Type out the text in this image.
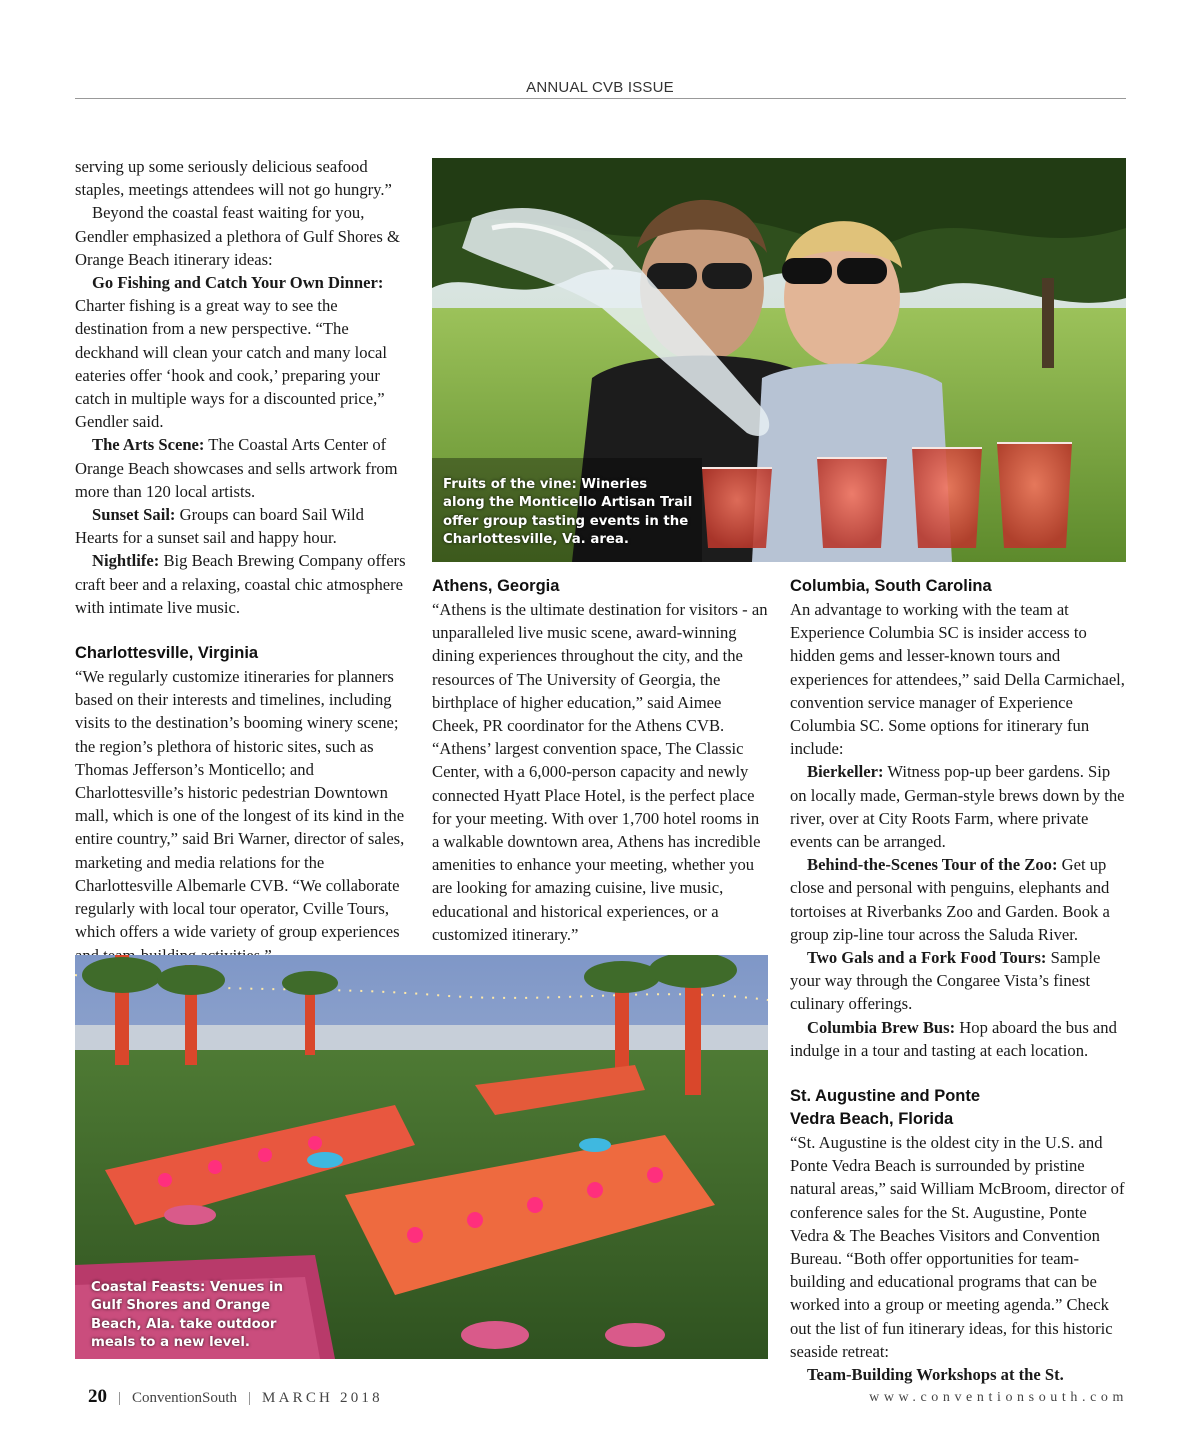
ANNUAL CVB ISSUE

serving up some seriously delicious seafood staples, meetings attendees will not go hungry.”

Beyond the coastal feast waiting for you, Gendler emphasized a plethora of Gulf Shores & Orange Beach itinerary ideas:

Go Fishing and Catch Your Own Dinner:

Charter fishing is a great way to see the destination from a new perspective. “The deckhand will clean your catch and many local eateries offer ‘hook and cook,’ preparing your catch in multiple ways for a discounted price,” Gendler said.

The Arts Scene: The Coastal Arts Center of Orange Beach showcases and sells artwork from more than 120 local artists.

Sunset Sail: Groups can board Sail Wild Hearts for a sunset sail and happy hour.

Nightlife: Big Beach Brewing Company offers craft beer and a relaxing, coastal chic atmosphere with intimate live music.

Charlottesville, Virginia

“We regularly customize itineraries for planners based on their interests and timelines, including visits to the destination’s booming winery scene; the region’s plethora of historic sites, such as Thomas Jefferson’s Monticello; and Charlottesville’s historic pedestrian Downtown mall, which is one of the longest of its kind in the entire country,” said Bri Warner, director of sales, marketing and media relations for the Charlottesville Albemarle CVB. “We collaborate regularly with local tour operator, Cville Tours, which offers a wide variety of group experiences

Fruits of the vine: Wineries along the Monticello Artisan Trail offer group tasting events in the Charlottesville, Va. area.
Athens, Georgia

“Athens is the ultimate destination for visitors - an unparalleled live music scene, award-winning dining experiences throughout the city, and the resources of The University of Georgia, the birthplace of higher education,” said Aimee Cheek, PR coordinator for the Athens CVB. “Athens’ largest convention space, The Classic Center, with a 6,000-person capacity and newly connected Hyatt Place Hotel, is the perfect place for your meeting. With over 1,700 hotel rooms in a walkable downtown area, Athens has incredible amenities to enhance your meeting, whether you are looking for amazing cuisine, live music, educational and historical experiences, or a customized itinerary.”

Columbia, South Carolina

An advantage to working with the team at Experience Columbia SC is insider access to hidden gems and lesser-known tours and experiences for attendees,” said Della Carmichael, convention service manager of Experience Columbia SC. Some options for itinerary fun include:

Bierkeller: Witness pop-up beer gardens. Sip on locally made, German-style brews down by the river, over at City Roots Farm, where private events can be arranged.

Behind-the-Scenes Tour of the Zoo: Get up close and personal with penguins, elephants and tortoises at Riverbanks Zoo and Garden. Book a group zip-line tour across the Saluda River.

Two Gals and a Fork Food Tours: Sample your way through the Congaree Vista’s finest culinary offerings.

Columbia Brew Bus: Hop aboard the bus and indulge in a tour and tasting at each location.

St. Augustine and Ponte
Vedra Beach, Florida

“St. Augustine is the oldest city in the U.S. and Ponte Vedra Beach is surrounded by pristine natural areas,” said William McBroom, director of conference sales for the St. Augustine, Ponte Vedra & The Beaches Visitors and Convention Bureau. “Both offer opportunities for team-building and educational programs that can be worked into a group or meeting agenda.” Check out the list of fun itinerary ideas, for this historic seaside retreat:

Team-Building Workshops at the St.

Coastal Feasts: Venues in Gulf Shores and Orange Beach, Ala. take outdoor meals to a new level.
20 | ConventionSouth | MARCH 2018	www.conventionsouth.com
